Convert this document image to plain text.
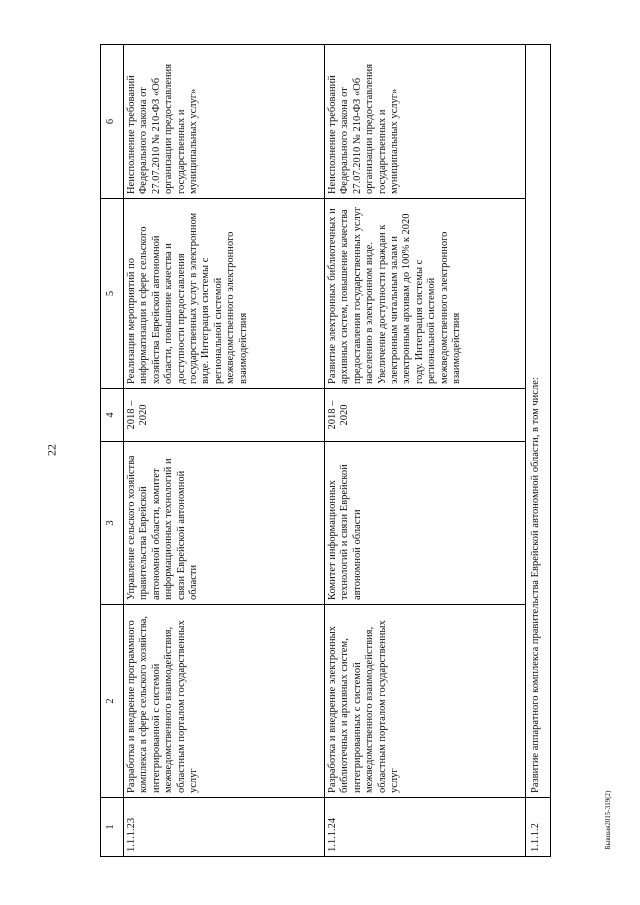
22
1	2	3	4	5	6
1.1.1.23	Разработка и внедрение программного комплекса в сфере сельского хозяйства, интегрированной с системой межведомственного взаимодействия, областным порталом государственных услуг	Управление сельского хозяйства правительства Еврейской автономной области, комитет информационных технологий и связи Еврейской автономной области	2018 – 2020	Реализация мероприятий по информатизации в сфере сельского хозяйства Еврейской автономной области, повышение качества и доступности предоставления государственных услуг в электронном виде. Интеграция системы с региональной системой межведомственного электронного взаимодействия	Неисполнение требований Федерального закона от 27.07.2010 № 210-ФЗ «Об организации предоставления государственных и муниципальных услуг»
1.1.1.24	Разработка и внедрение электронных библиотечных и архивных систем, интегрированных с системой межведомственного взаимодействия, областным порталом государственных услуг	Комитет информационных технологий и связи Еврейской автономной области	2018 – 2020	Развитие электронных библиотечных и архивных систем, повышение качества предоставления государственных услуг населению в электронном виде. Увеличение доступности граждан к электронным читальным залам и электронным архивам до 100% к 2020 году. Интеграция системы с региональной системой межведомственного электронного взаимодействия	Неисполнение требований Федерального закона от 27.07.2010 № 210-ФЗ «Об организации предоставления государственных и муниципальных услуг»
1.1.1.2	Развитие аппаратного комплекса правительства Еврейской автономной области, в том числе:				
Бывшая2015-319(2)
